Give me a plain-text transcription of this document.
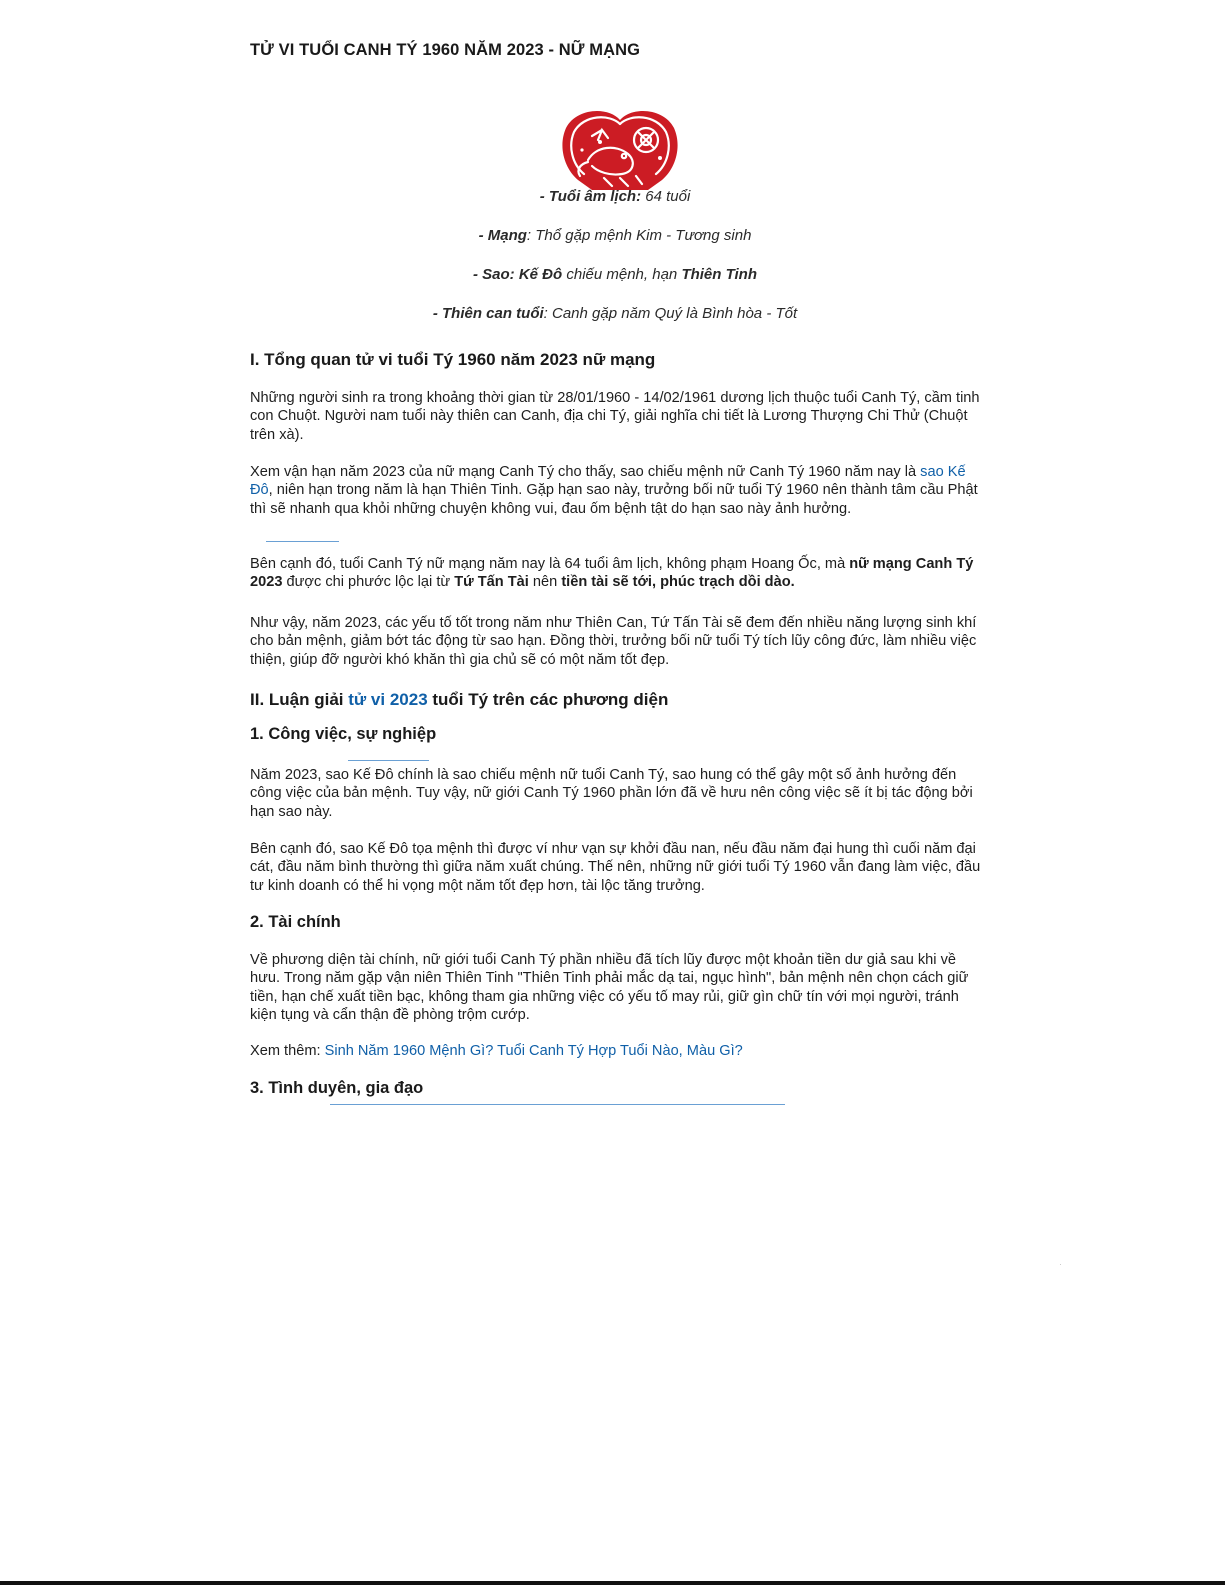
TỬ VI TUỔI CANH TÝ 1960 NĂM 2023 - NỮ MẠNG

- Tuổi âm lịch: 64 tuổi

- Mạng: Thổ gặp mệnh Kim - Tương sinh

- Sao: Kế Đô chiếu mệnh, hạn Thiên Tinh

- Thiên can tuổi: Canh gặp năm Quý là Bình hòa - Tốt

I. Tổng quan tử vi tuổi Tý 1960 năm 2023 nữ mạng

Những người sinh ra trong khoảng thời gian từ 28/01/1960 - 14/02/1961 dương lịch thuộc tuổi Canh Tý, cầm tinh con Chuột. Người nam tuổi này thiên can Canh, địa chi Tý, giải nghĩa chi tiết là Lương Thượng Chi Thử (Chuột trên xà).

Xem vận hạn năm 2023 của nữ mạng Canh Tý cho thấy, sao chiếu mệnh nữ Canh Tý 1960 năm nay là sao Kế Đô, niên hạn trong năm là hạn Thiên Tinh. Gặp hạn sao này, trưởng bối nữ tuổi Tý 1960 nên thành tâm cầu Phật thì sẽ nhanh qua khỏi những chuyện không vui, đau ốm bệnh tật do hạn sao này ảnh hưởng.

Bên cạnh đó, tuổi Canh Tý nữ mạng năm nay là 64 tuổi âm lịch, không phạm Hoang Ốc, mà nữ mạng Canh Tý 2023 được chi phước lộc lại từ Tứ Tấn Tài nên tiền tài sẽ tới, phúc trạch dồi dào.

Như vậy, năm 2023, các yếu tố tốt trong năm như Thiên Can, Tứ Tấn Tài sẽ đem đến nhiều năng lượng sinh khí cho bản mệnh, giảm bớt tác động từ sao hạn. Đồng thời, trưởng bối nữ tuổi Tý tích lũy công đức, làm nhiều việc thiện, giúp đỡ người khó khăn thì gia chủ sẽ có một năm tốt đẹp.

II. Luận giải tử vi 2023 tuổi Tý trên các phương diện
1. Công việc, sự nghiệp

Năm 2023, sao Kế Đô chính là sao chiếu mệnh nữ tuổi Canh Tý, sao hung có thể gây một số ảnh hưởng đến công việc của bản mệnh. Tuy vậy, nữ giới Canh Tý 1960 phần lớn đã về hưu nên công việc sẽ ít bị tác động bởi hạn sao này.

Bên cạnh đó, sao Kế Đô tọa mệnh thì được ví như vạn sự khởi đầu nan, nếu đầu năm đại hung thì cuối năm đại cát, đầu năm bình thường thì giữa năm xuất chúng. Thế nên, những nữ giới tuổi Tý 1960 vẫn đang làm việc, đầu tư kinh doanh có thể hi vọng một năm tốt đẹp hơn, tài lộc tăng trưởng.

2. Tài chính

Về phương diện tài chính, nữ giới tuổi Canh Tý phần nhiều đã tích lũy được một khoản tiền dư giả sau khi về hưu. Trong năm gặp vận niên Thiên Tinh "Thiên Tinh phải mắc dạ tai, ngục hình", bản mệnh nên chọn cách giữ tiền, hạn chế xuất tiền bạc, không tham gia những việc có yếu tố may rủi, giữ gìn chữ tín với mọi người, tránh kiện tụng và cẩn thận đề phòng trộm cướp.

Xem thêm: Sinh Năm 1960 Mệnh Gì? Tuổi Canh Tý Hợp Tuổi Nào, Màu Gì?

3. Tình duyên, gia đạo
